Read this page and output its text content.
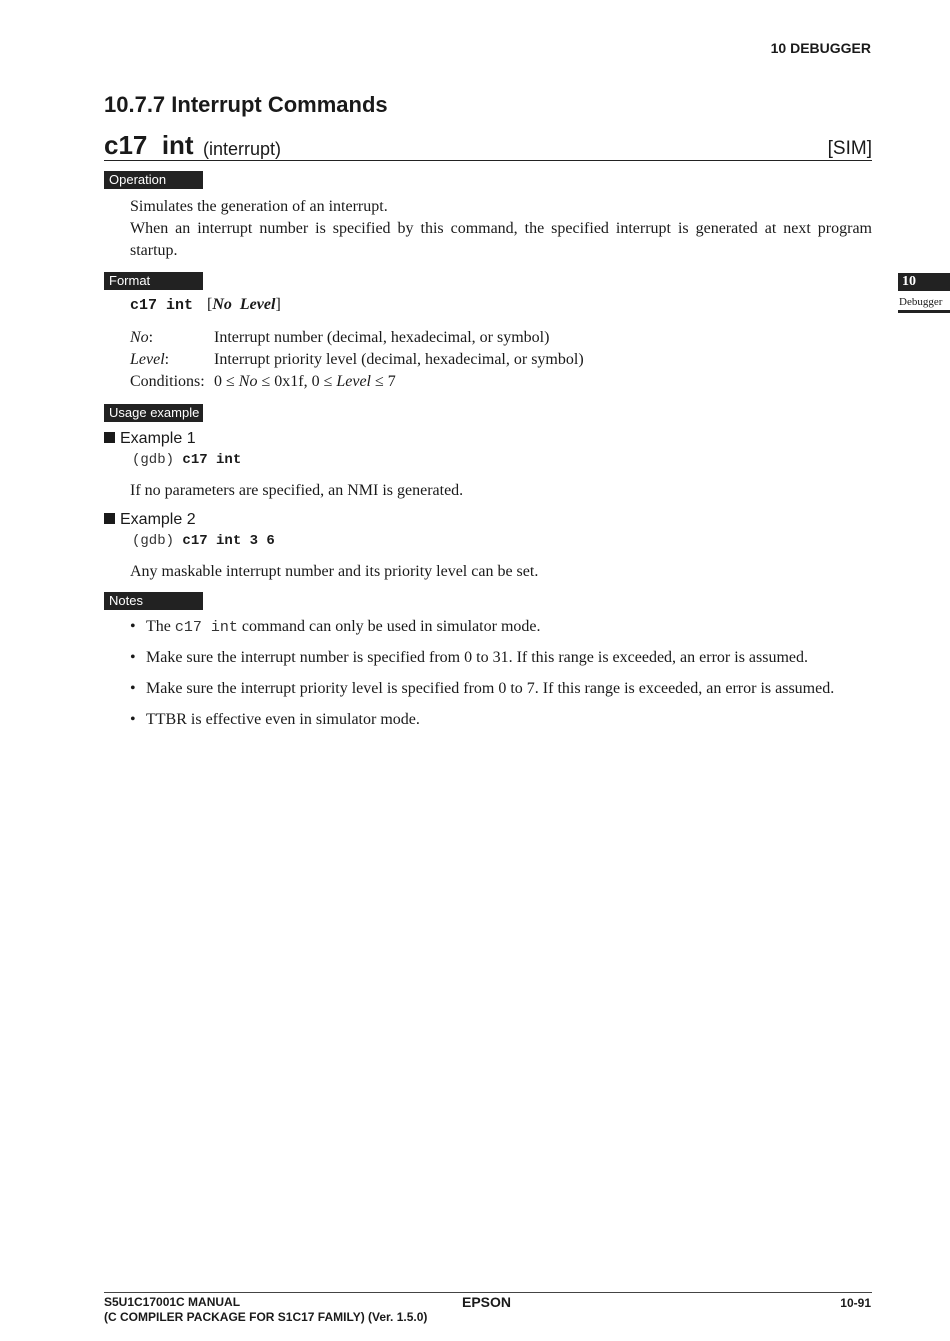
10 DEBUGGER
10.7.7 Interrupt Commands
c17  int (interrupt)	[SIM]
Operation
Simulates the generation of an interrupt.
When an interrupt number is specified by this command, the specified interrupt is generated at next program startup.
Format
c17 int [No Level]
No:	Interrupt number (decimal, hexadecimal, or symbol)
Level:	Interrupt priority level (decimal, hexadecimal, or symbol)
Conditions: 0 ≤ No ≤ 0x1f, 0 ≤ Level ≤ 7
Usage example
Example 1
(gdb) c17 int
If no parameters are specified, an NMI is generated.
Example 2
(gdb) c17 int 3 6
Any maskable interrupt number and its priority level can be set.
Notes
• The c17 int command can only be used in simulator mode.
• Make sure the interrupt number is specified from 0 to 31. If this range is exceeded, an error is assumed.
• Make sure the interrupt priority level is specified from 0 to 7. If this range is exceeded, an error is assumed.
• TTBR is effective even in simulator mode.
10
Debugger
S5U1C17001C MANUAL
(C COMPILER PACKAGE FOR S1C17 FAMILY) (Ver. 1.5.0)
EPSON	10-91
